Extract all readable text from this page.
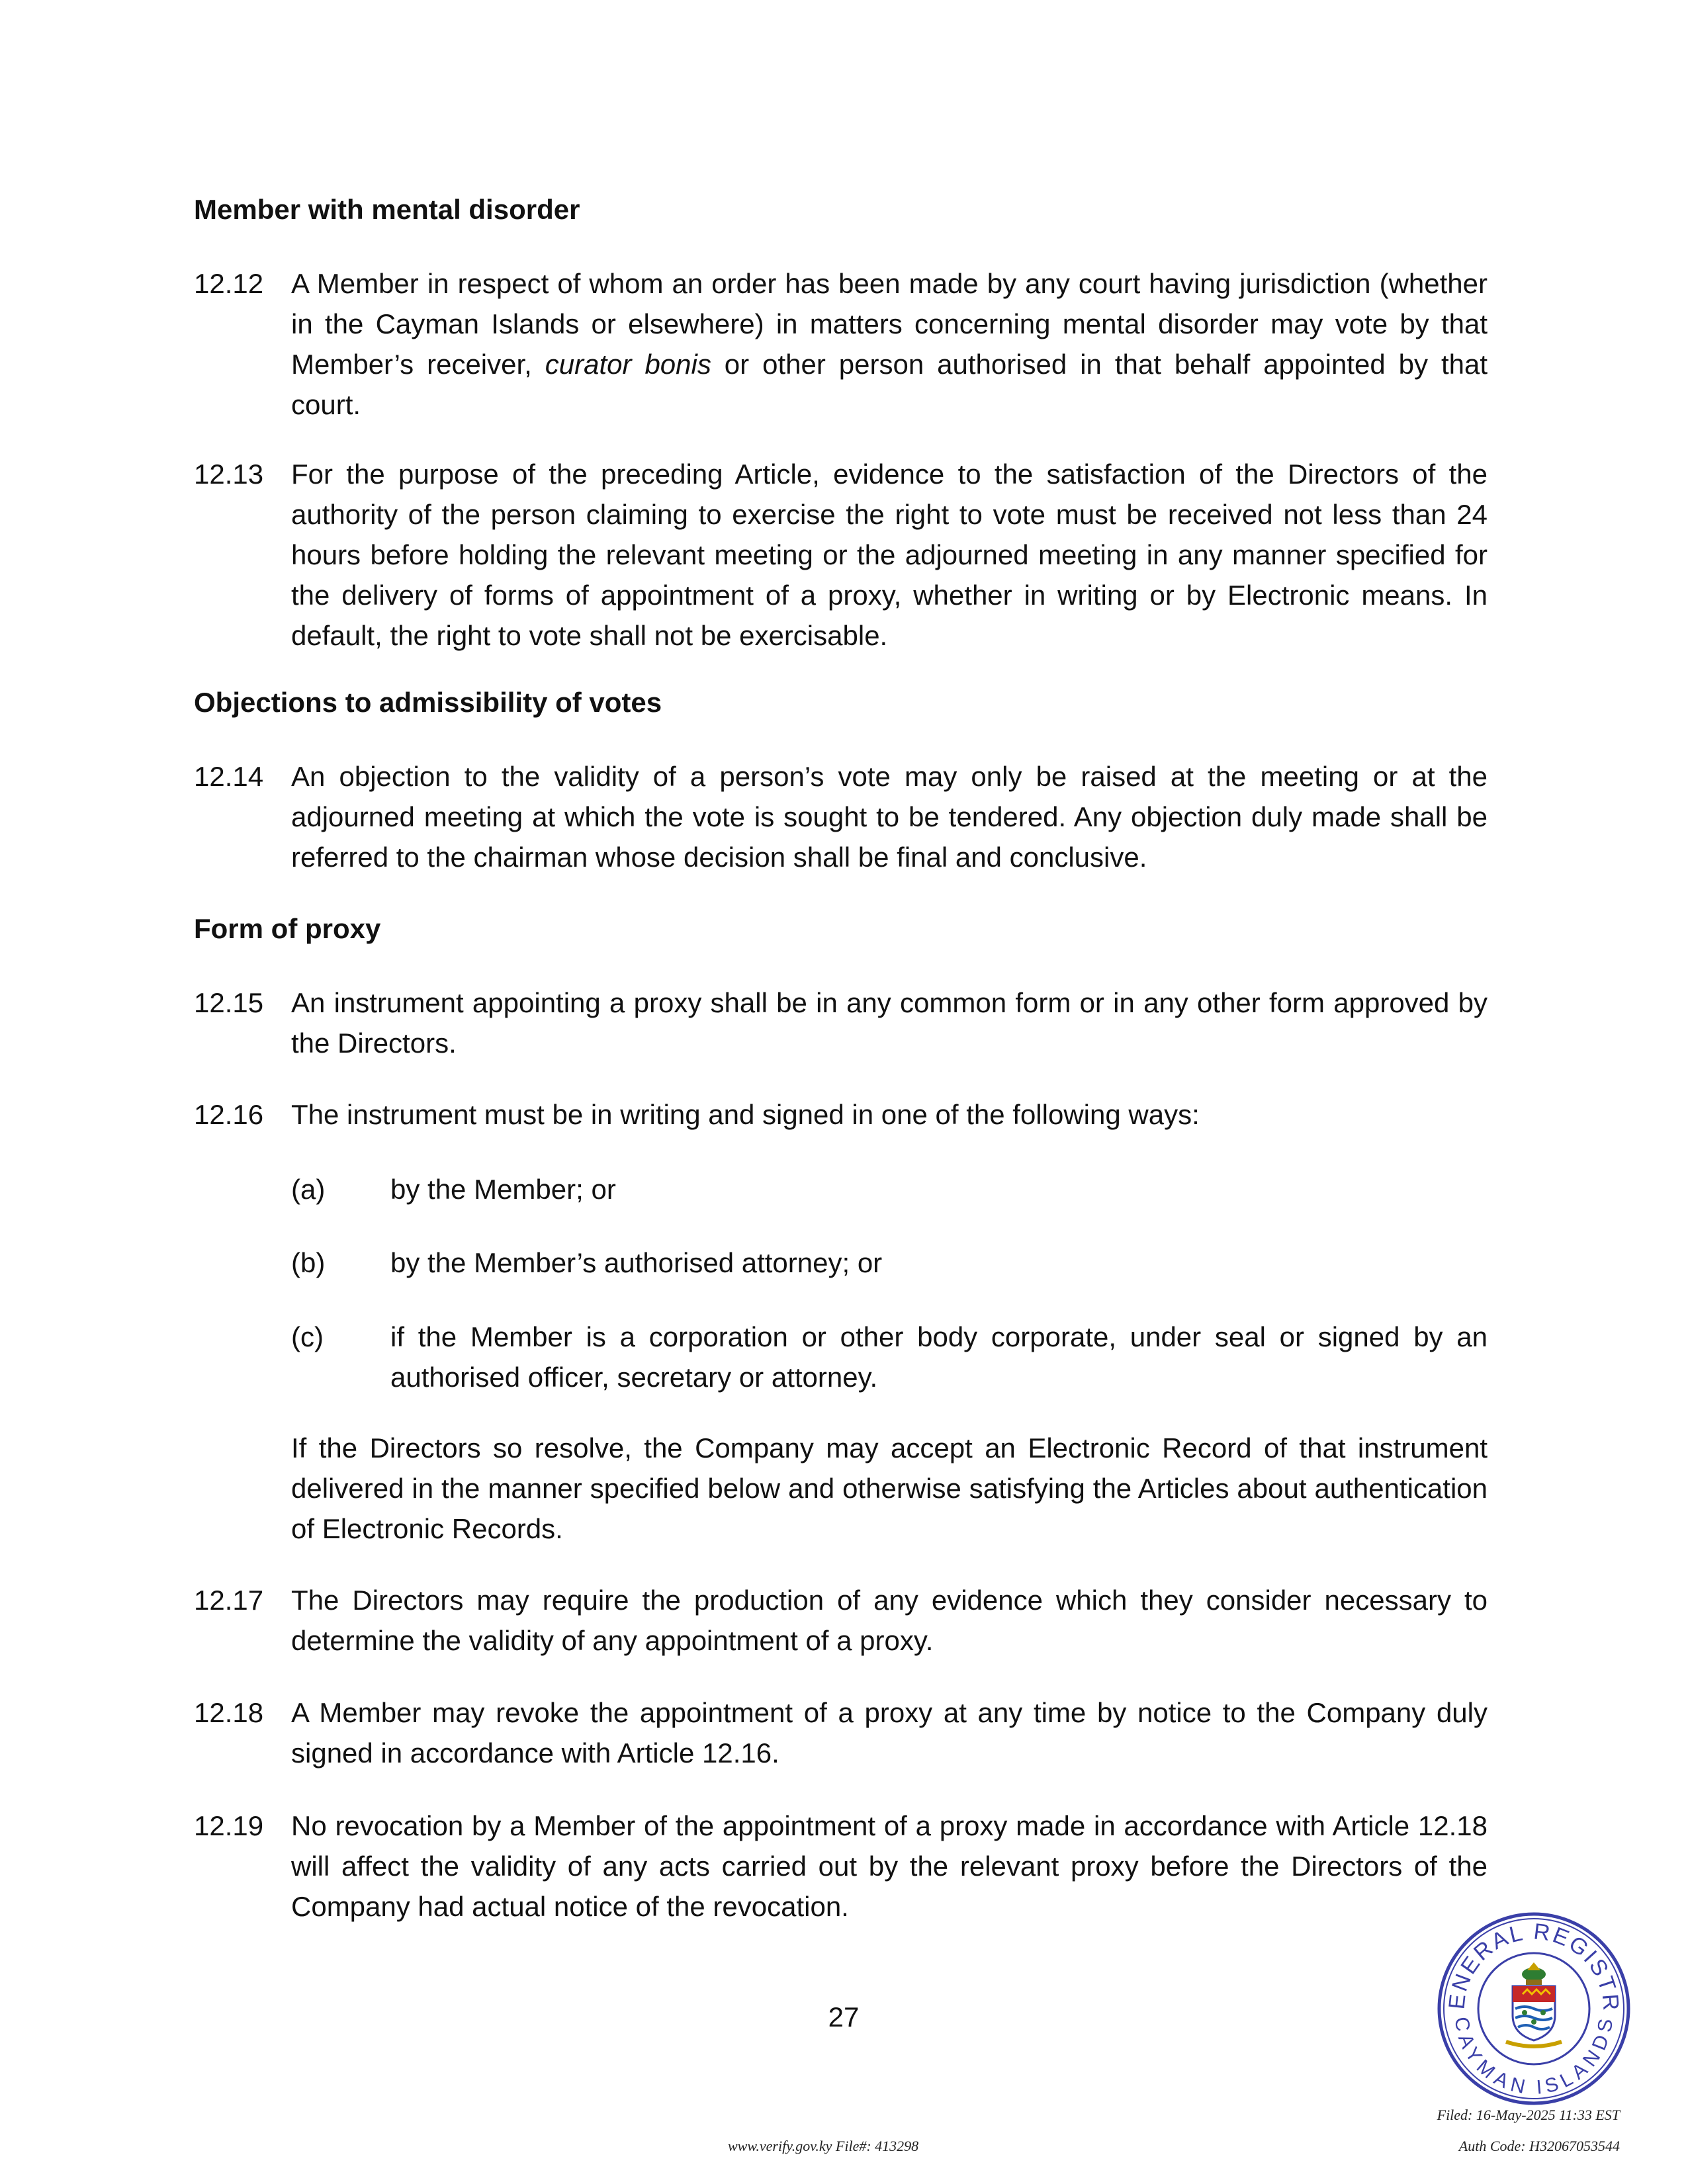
Member with mental disorder
12.12 A Member in respect of whom an order has been made by any court having jurisdiction (whether in the Cayman Islands or elsewhere) in matters concerning mental disorder may vote by that Member’s receiver, curator bonis or other person authorised in that behalf appointed by that court.
12.13 For the purpose of the preceding Article, evidence to the satisfaction of the Directors of the authority of the person claiming to exercise the right to vote must be received not less than 24 hours before holding the relevant meeting or the adjourned meeting in any manner specified for the delivery of forms of appointment of a proxy, whether in writing or by Electronic means. In default, the right to vote shall not be exercisable.
Objections to admissibility of votes
12.14 An objection to the validity of a person’s vote may only be raised at the meeting or at the adjourned meeting at which the vote is sought to be tendered. Any objection duly made shall be referred to the chairman whose decision shall be final and conclusive.
Form of proxy
12.15 An instrument appointing a proxy shall be in any common form or in any other form approved by the Directors.
12.16 The instrument must be in writing and signed in one of the following ways:
(a) by the Member; or
(b) by the Member’s authorised attorney; or
(c) if the Member is a corporation or other body corporate, under seal or signed by an authorised officer, secretary or attorney.
If the Directors so resolve, the Company may accept an Electronic Record of that instrument delivered in the manner specified below and otherwise satisfying the Articles about authentication of Electronic Records.
12.17 The Directors may require the production of any evidence which they consider necessary to determine the validity of any appointment of a proxy.
12.18 A Member may revoke the appointment of a proxy at any time by notice to the Company duly signed in accordance with Article 12.16.
12.19 No revocation by a Member of the appointment of a proxy made in accordance with Article 12.18 will affect the validity of any acts carried out by the relevant proxy before the Directors of the Company had actual notice of the revocation.
27
ENERAL REGISTR
CAYMAN ISLANDS
www.verify.gov.ky File#: 413298
Filed: 16-May-2025 11:33 EST
Auth Code: H32067053544
